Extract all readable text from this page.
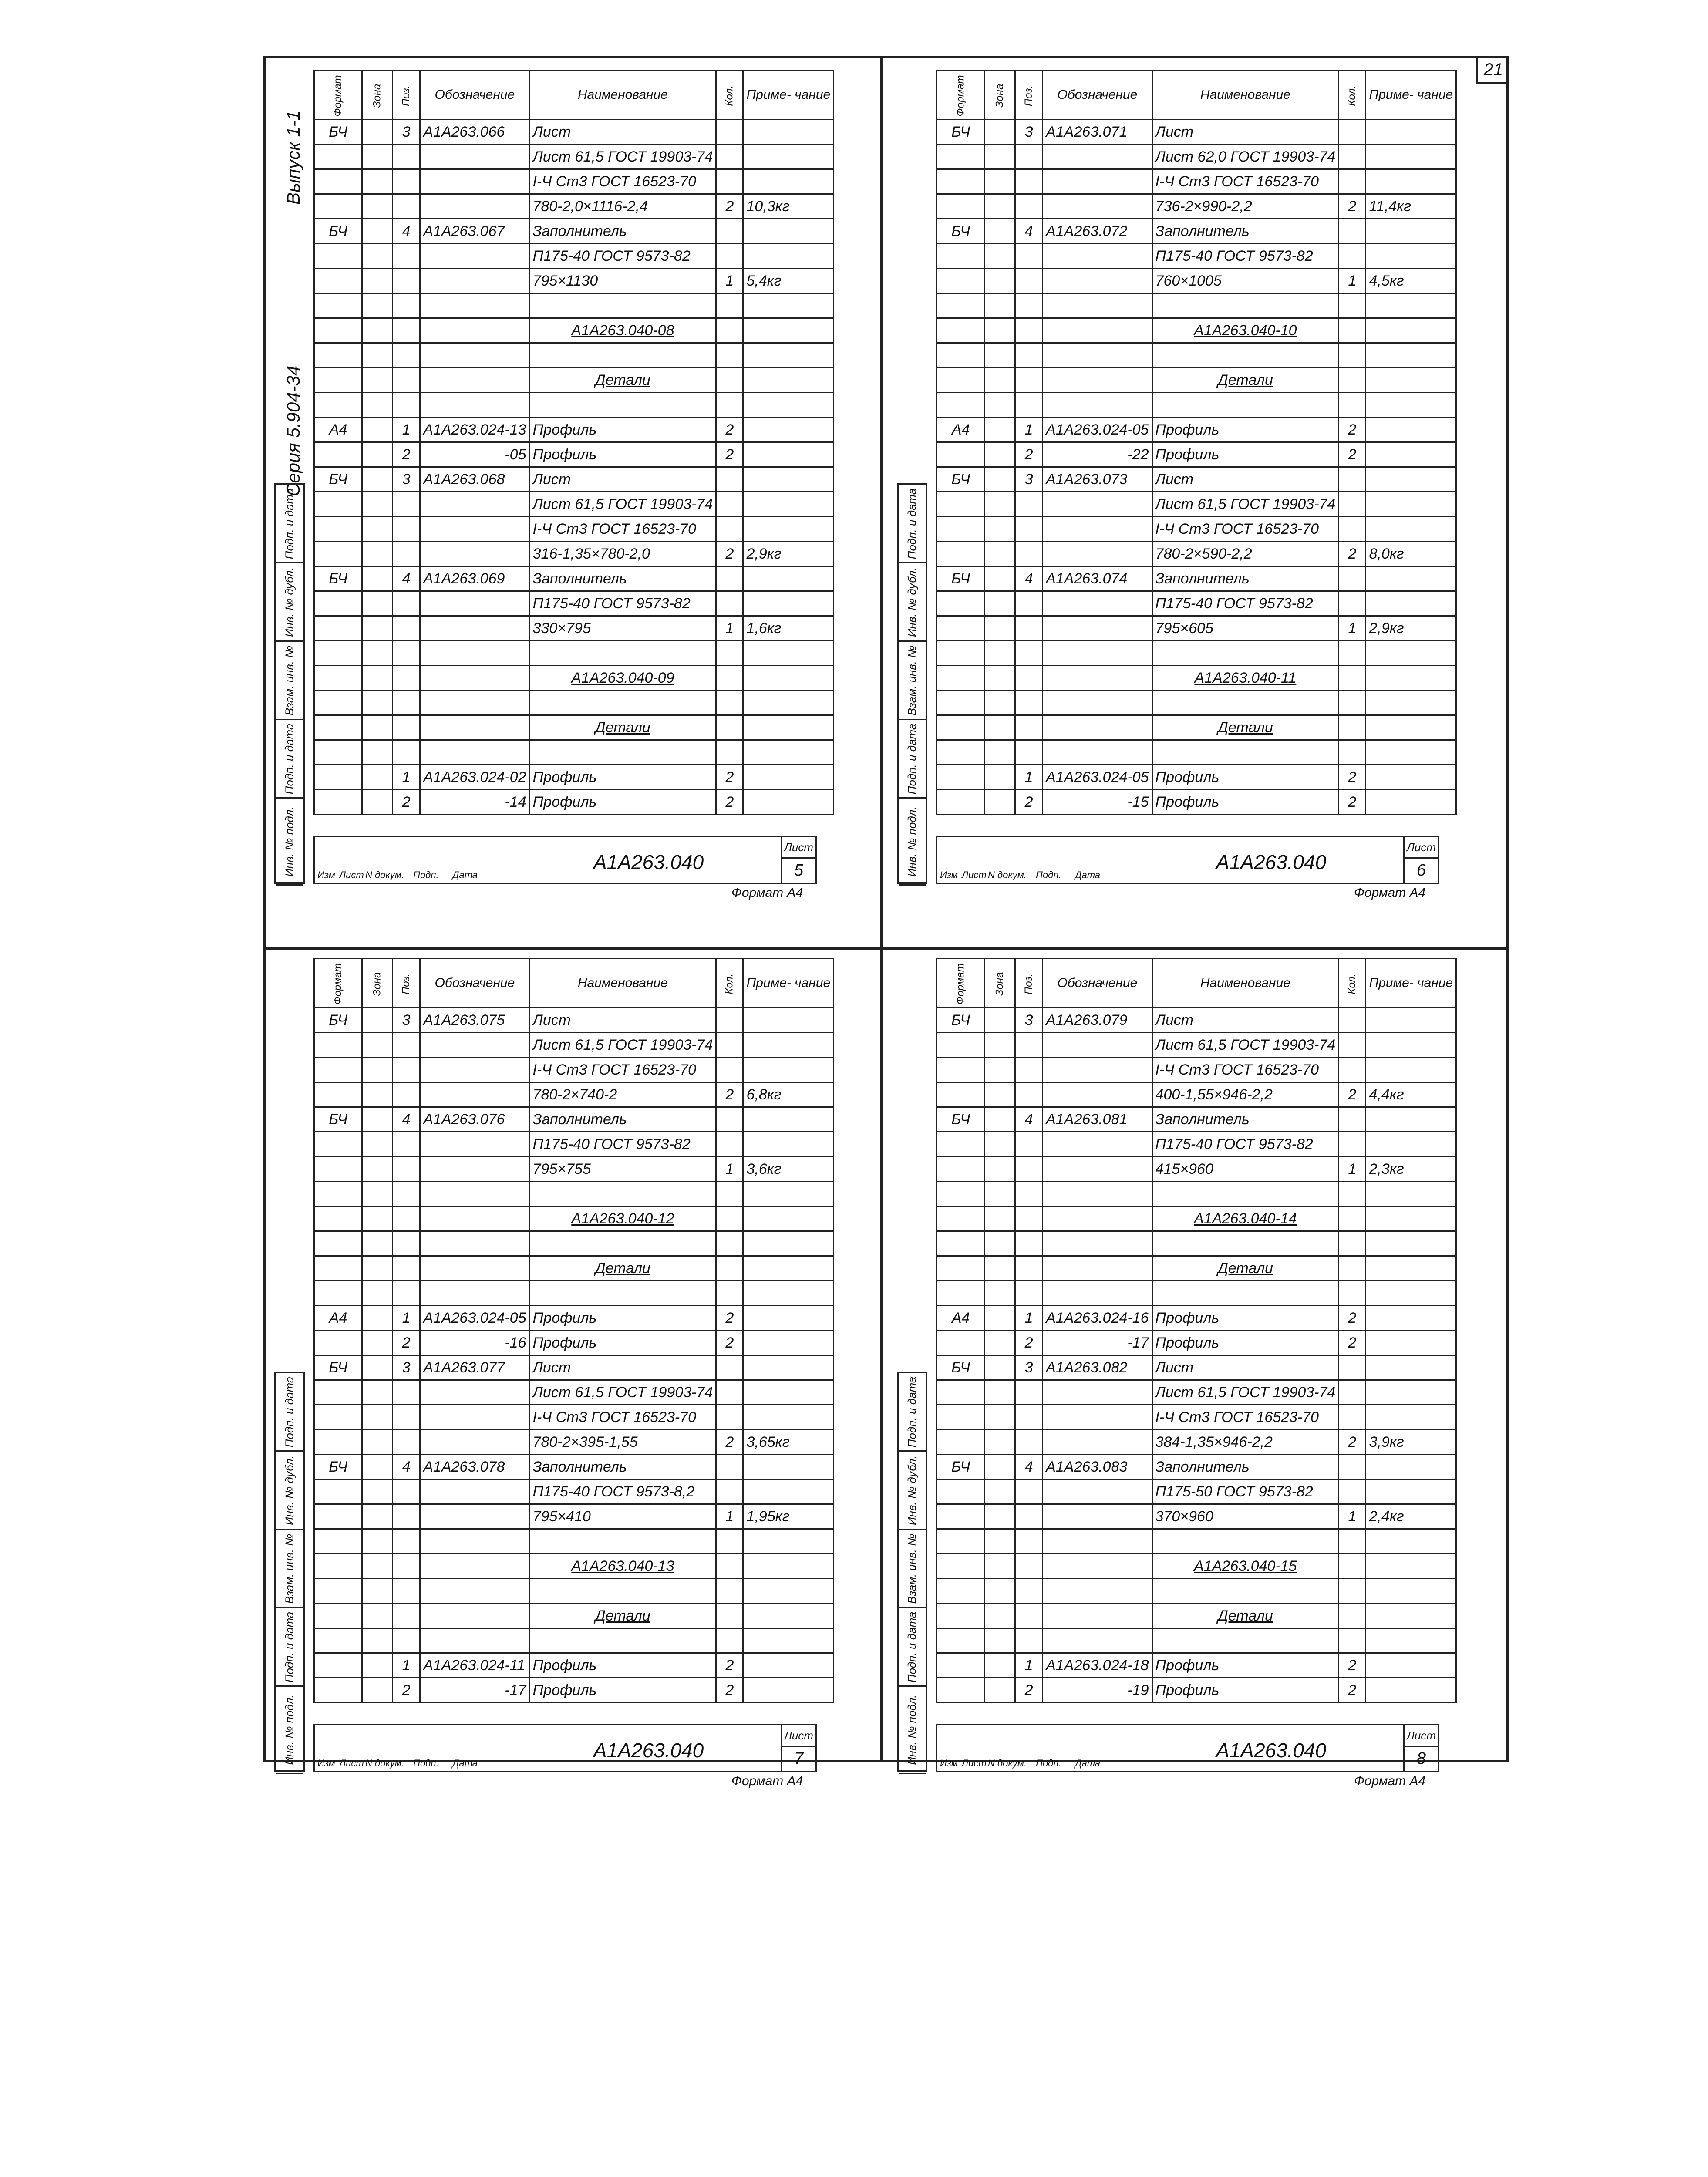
21
Выпуск 1-1
Серия 5.904-34
Формат	Зона	Поз.	Обозначение	Наименование	Кол.	Приме- чание
БЧ		3	А1А263.066	Лист		
				Лист 61,5 ГОСТ 19903-74		
				I-Ч Ст3 ГОСТ 16523-70		
				780-2,0×1116-2,4	2	10,3кг
БЧ		4	А1А263.067	Заполнитель		
				П175-40 ГОСТ 9573-82		
				795×1130	1	5,4кг

				А1А263.040-08		

				Детали		

А4		1	А1А263.024-13	Профиль	2	
		2	-05	Профиль	2	
БЧ		3	А1А263.068	Лист		
				Лист 61,5 ГОСТ 19903-74		
				I-Ч Ст3 ГОСТ 16523-70		
				316-1,35×780-2,0	2	2,9кг
БЧ		4	А1А263.069	Заполнитель		
				П175-40 ГОСТ 9573-82		
				330×795	1	1,6кг

				А1А263.040-09		

				Детали		

		1	А1А263.024-02	Профиль	2	
		2	-14	Профиль	2	
Изм Лист N докум. Подп. Дата
А1А263.040
Лист
5
Формат А4
Подп. и дата
Инв. № дубл.
Взам. инв. №
Подп. и дата
Инв. № подл.
Формат	Зона	Поз.	Обозначение	Наименование	Кол.	Приме- чание
БЧ		3	А1А263.071	Лист		
				Лист 62,0 ГОСТ 19903-74		
				I-Ч Ст3 ГОСТ 16523-70		
				736-2×990-2,2	2	11,4кг
БЧ		4	А1А263.072	Заполнитель		
				П175-40 ГОСТ 9573-82		
				760×1005	1	4,5кг

				А1А263.040-10		

				Детали		

А4		1	А1А263.024-05	Профиль	2	
		2	-22	Профиль	2	
БЧ		3	А1А263.073	Лист		
				Лист 61,5 ГОСТ 19903-74		
				I-Ч Ст3 ГОСТ 16523-70		
				780-2×590-2,2	2	8,0кг
БЧ		4	А1А263.074	Заполнитель		
				П175-40 ГОСТ 9573-82		
				795×605	1	2,9кг

				А1А263.040-11		

				Детали		

		1	А1А263.024-05	Профиль	2	
		2	-15	Профиль	2	
Изм Лист N докум. Подп. Дата
А1А263.040
Лист
6
Формат А4
Подп. и дата
Инв. № дубл.
Взам. инв. №
Подп. и дата
Инв. № подл.
Формат	Зона	Поз.	Обозначение	Наименование	Кол.	Приме- чание
БЧ		3	А1А263.075	Лист		
				Лист 61,5 ГОСТ 19903-74		
				I-Ч Ст3 ГОСТ 16523-70		
				780-2×740-2	2	6,8кг
БЧ		4	А1А263.076	Заполнитель		
				П175-40 ГОСТ 9573-82		
				795×755	1	3,6кг

				А1А263.040-12		

				Детали		

А4		1	А1А263.024-05	Профиль	2	
		2	-16	Профиль	2	
БЧ		3	А1А263.077	Лист		
				Лист 61,5 ГОСТ 19903-74		
				I-Ч Ст3 ГОСТ 16523-70		
				780-2×395-1,55	2	3,65кг
БЧ		4	А1А263.078	Заполнитель		
				П175-40 ГОСТ 9573-8,2		
				795×410	1	1,95кг

				А1А263.040-13		

				Детали		

		1	А1А263.024-11	Профиль	2	
		2	-17	Профиль	2	
Изм Лист N докум. Подп. Дата
А1А263.040
Лист
7
Формат А4
Подп. и дата
Инв. № дубл.
Взам. инв. №
Подп. и дата
Инв. № подл.
Формат	Зона	Поз.	Обозначение	Наименование	Кол.	Приме- чание
БЧ		3	А1А263.079	Лист		
				Лист 61,5 ГОСТ 19903-74		
				I-Ч Ст3 ГОСТ 16523-70		
				400-1,55×946-2,2	2	4,4кг
БЧ		4	А1А263.081	Заполнитель		
				П175-40 ГОСТ 9573-82		
				415×960	1	2,3кг

				А1А263.040-14		

				Детали		

А4		1	А1А263.024-16	Профиль	2	
		2	-17	Профиль	2	
БЧ		3	А1А263.082	Лист		
				Лист 61,5 ГОСТ 19903-74		
				I-Ч Ст3 ГОСТ 16523-70		
				384-1,35×946-2,2	2	3,9кг
БЧ		4	А1А263.083	Заполнитель		
				П175-50 ГОСТ 9573-82		
				370×960	1	2,4кг

				А1А263.040-15		

				Детали		

		1	А1А263.024-18	Профиль	2	
		2	-19	Профиль	2	
Изм Лист N докум. Подп. Дата
А1А263.040
Лист
8
Формат А4
Подп. и дата
Инв. № дубл.
Взам. инв. №
Подп. и дата
Инв. № подл.
